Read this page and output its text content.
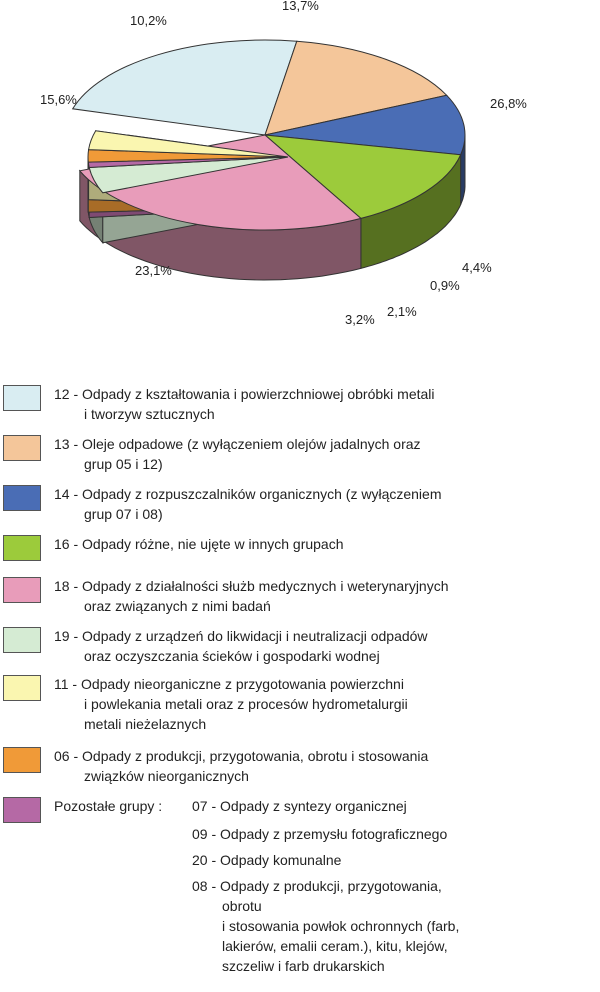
23,1%
15,6%
10,2%
13,7%
26,8%
4,4%
0,9%
2,1%
3,2%
12 - Odpady z kształtowania i powierzchniowej obróbki metali
i tworzyw sztucznych
13 - Oleje odpadowe (z wyłączeniem olejów jadalnych oraz
grup 05 i 12)
14 - Odpady z rozpuszczalników organicznych (z wyłączeniem
grup 07 i 08)
16 - Odpady różne, nie ujęte w innych grupach
18 - Odpady z działalności służb medycznych i weterynaryjnych
oraz związanych z nimi badań
19 - Odpady z urządzeń do likwidacji i neutralizacji odpadów
oraz oczyszczania ścieków i gospodarki wodnej
11 - Odpady nieorganiczne z przygotowania powierzchni
i powlekania metali oraz z procesów hydrometalurgii
metali nieżelaznych
06 - Odpady z produkcji, przygotowania, obrotu i stosowania
związków nieorganicznych
Pozostałe grupy : 07 - Odpady z syntezy organicznej
09 - Odpady z przemysłu fotograficznego
20 - Odpady komunalne
08 - Odpady z produkcji, przygotowania,
obrotu
i stosowania powłok ochronnych (farb,
lakierów, emalii ceram.), kitu, klejów,
szczeliw i farb drukarskich
